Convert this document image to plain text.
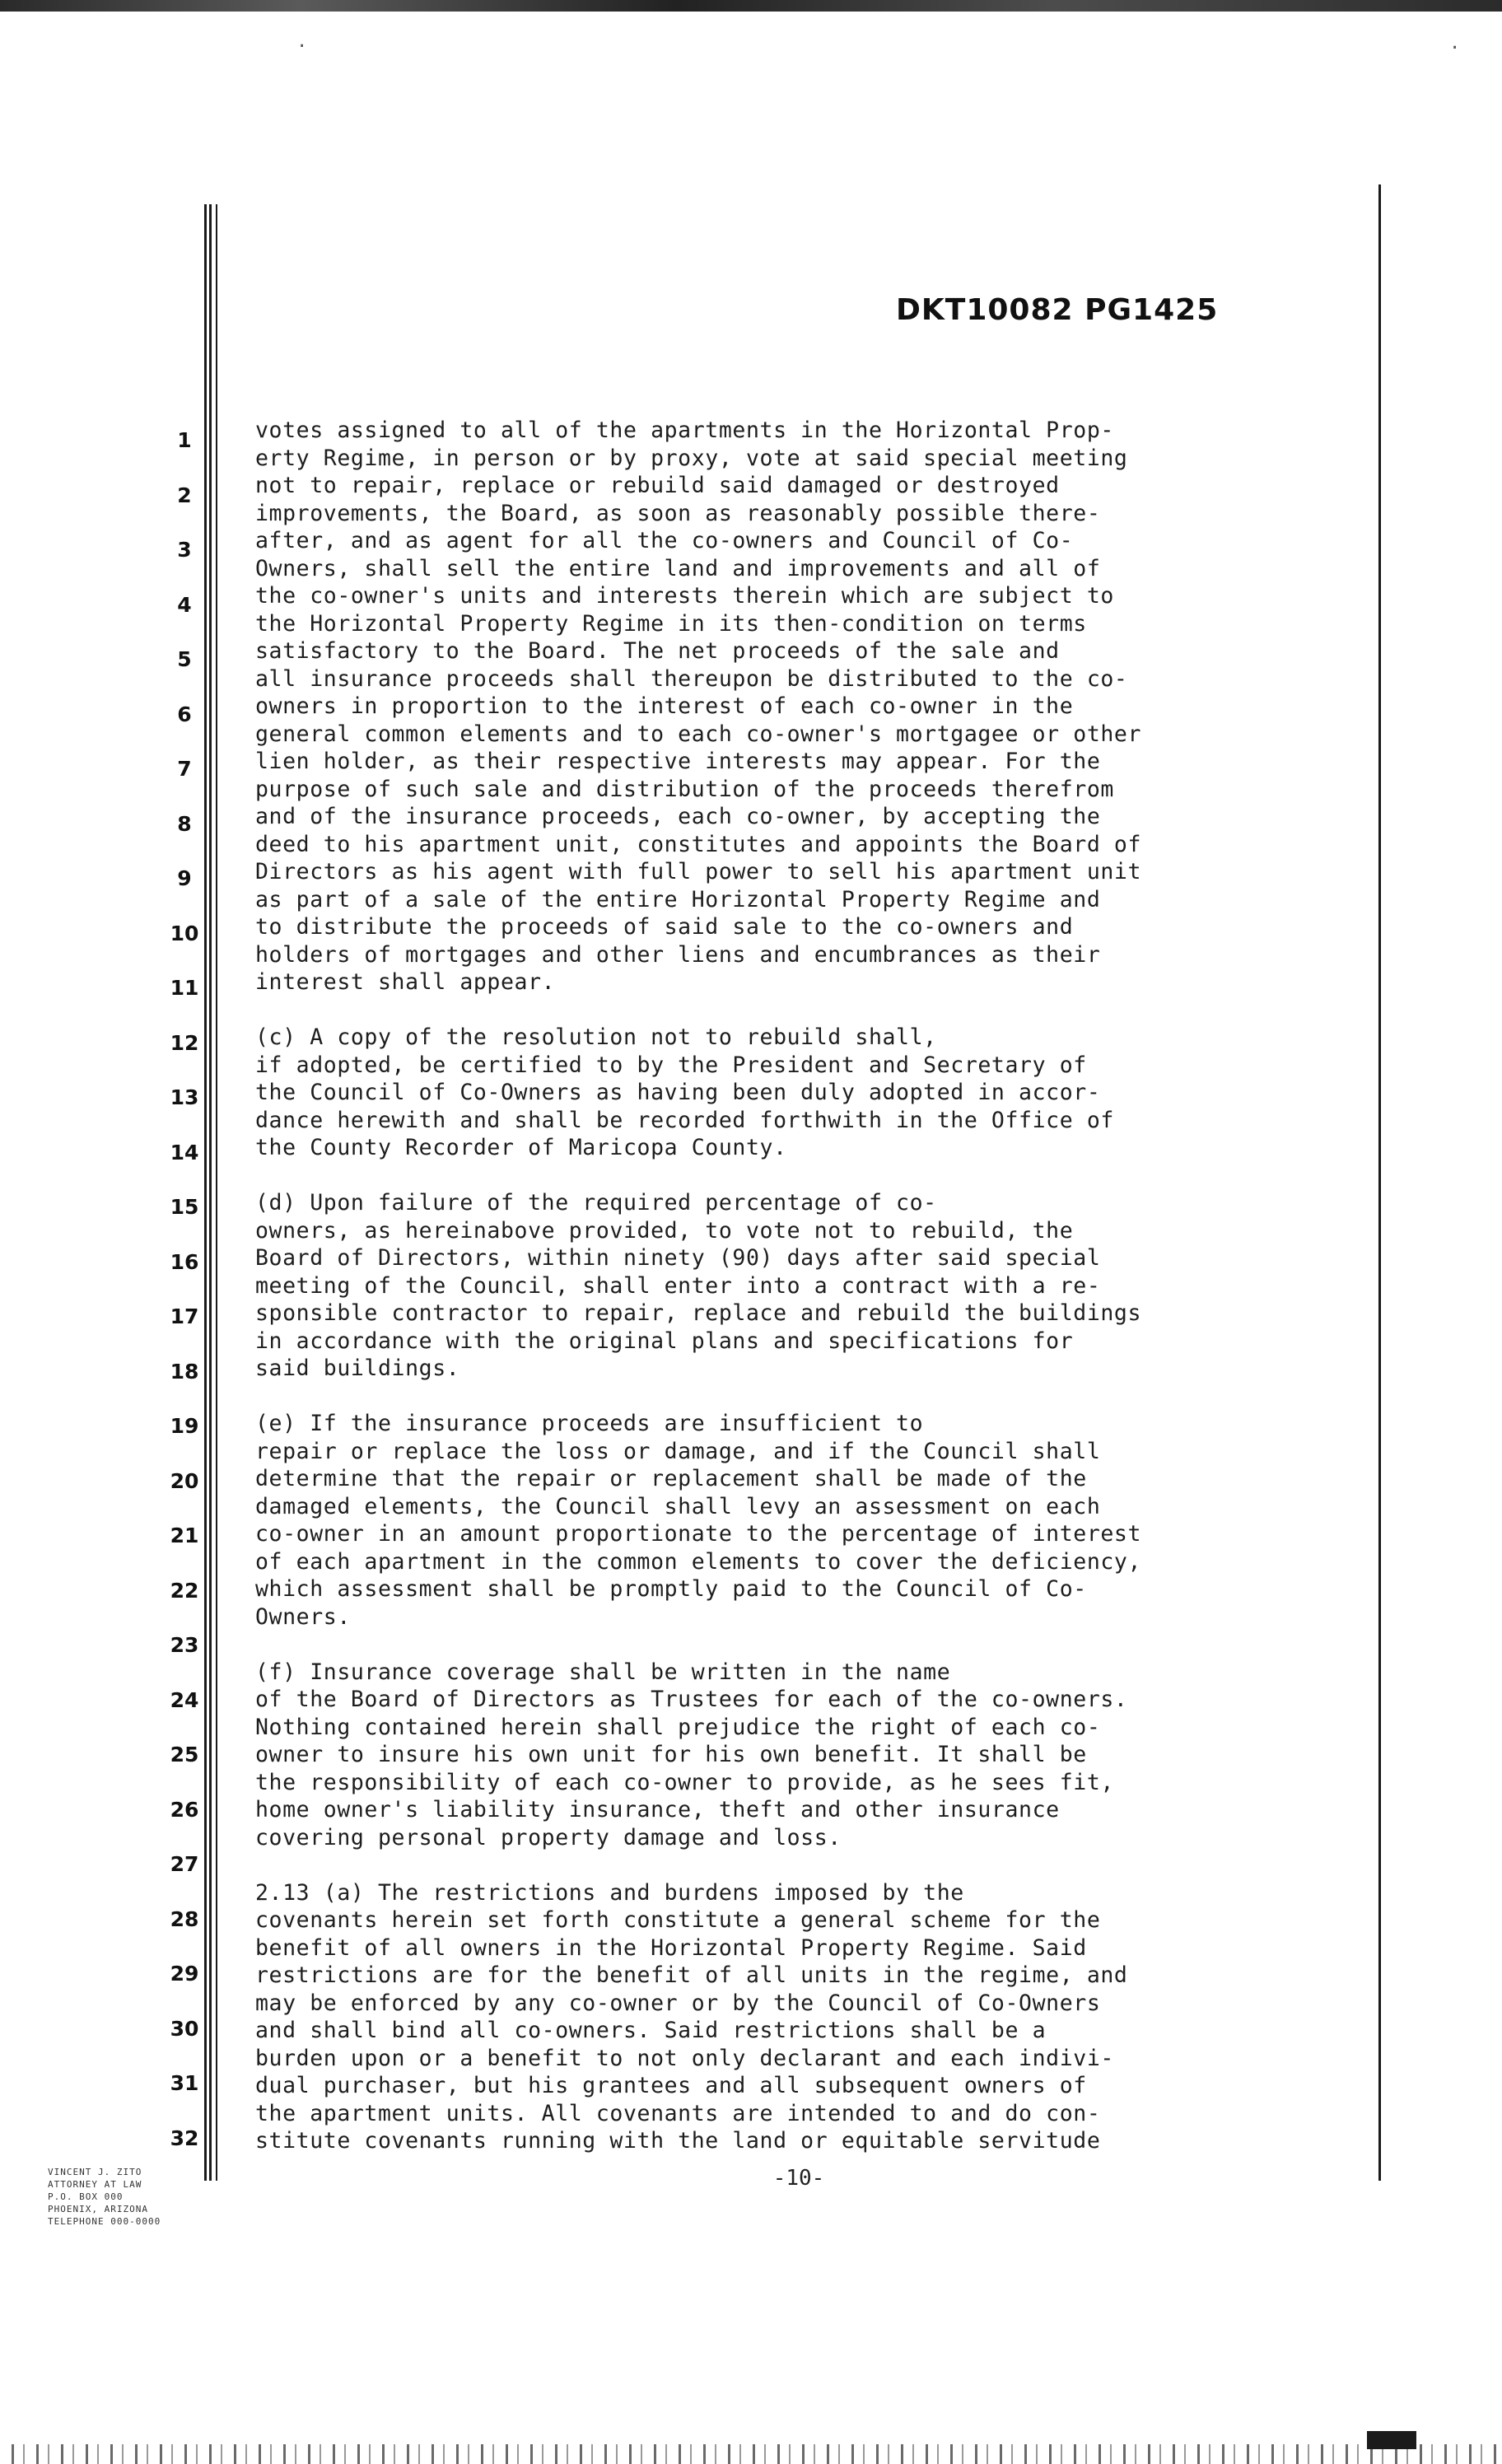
·	·
DKT10082 PG1425
1
2
3
4
5
6
7
8
9
10
11
12
13
14
15
16
17
18
19
20
21
22
23
24
25
26
27
28
29
30
31
32

votes assigned to all of the apartments in the Horizontal Prop-

erty Regime, in person or by proxy, vote at said special meeting

not to repair, replace or rebuild said damaged or destroyed

improvements, the Board, as soon as reasonably possible there-

after, and as agent for all the co-owners and Council of Co-

Owners, shall sell the entire land and improvements and all of

the co-owner's units and interests therein which are subject to

the Horizontal Property Regime in its then-condition on terms

satisfactory to the Board. The net proceeds of the sale and

all insurance proceeds shall thereupon be distributed to the co-

owners in proportion to the interest of each co-owner in the

general common elements and to each co-owner's mortgagee or other

lien holder, as their respective interests may appear. For the

purpose of such sale and distribution of the proceeds therefrom

and of the insurance proceeds, each co-owner, by accepting the

deed to his apartment unit, constitutes and appoints the Board of

Directors as his agent with full power to sell his apartment unit

as part of a sale of the entire Horizontal Property Regime and

to distribute the proceeds of said sale to the co-owners and

holders of mortgages and other liens and encumbrances as their

interest shall appear.

(c) A copy of the resolution not to rebuild shall,

if adopted, be certified to by the President and Secretary of

the Council of Co-Owners as having been duly adopted in accor-

dance herewith and shall be recorded forthwith in the Office of

the County Recorder of Maricopa County.

(d) Upon failure of the required percentage of co-

owners, as hereinabove provided, to vote not to rebuild, the

Board of Directors, within ninety (90) days after said special

meeting of the Council, shall enter into a contract with a re-

sponsible contractor to repair, replace and rebuild the buildings

in accordance with the original plans and specifications for

said buildings.

(e) If the insurance proceeds are insufficient to

repair or replace the loss or damage, and if the Council shall

determine that the repair or replacement shall be made of the

damaged elements, the Council shall levy an assessment on each

co-owner in an amount proportionate to the percentage of interest

of each apartment in the common elements to cover the deficiency,

which assessment shall be promptly paid to the Council of Co-

Owners.

(f) Insurance coverage shall be written in the name

of the Board of Directors as Trustees for each of the co-owners.

Nothing contained herein shall prejudice the right of each co-

owner to insure his own unit for his own benefit. It shall be

the responsibility of each co-owner to provide, as he sees fit,

home owner's liability insurance, theft and other insurance

covering personal property damage and loss.

2.13 (a) The restrictions and burdens imposed by the

covenants herein set forth constitute a general scheme for the

benefit of all owners in the Horizontal Property Regime. Said

restrictions are for the benefit of all units in the regime, and

may be enforced by any co-owner or by the Council of Co-Owners

and shall bind all co-owners. Said restrictions shall be a

burden upon or a benefit to not only declarant and each indivi-

dual purchaser, but his grantees and all subsequent owners of

the apartment units. All covenants are intended to and do con-

stitute covenants running with the land or equitable servitude

VINCENT J. ZITO
ATTORNEY AT LAW
P.O. BOX 000
PHOENIX, ARIZONA
TELEPHONE 000-0000
-10-
